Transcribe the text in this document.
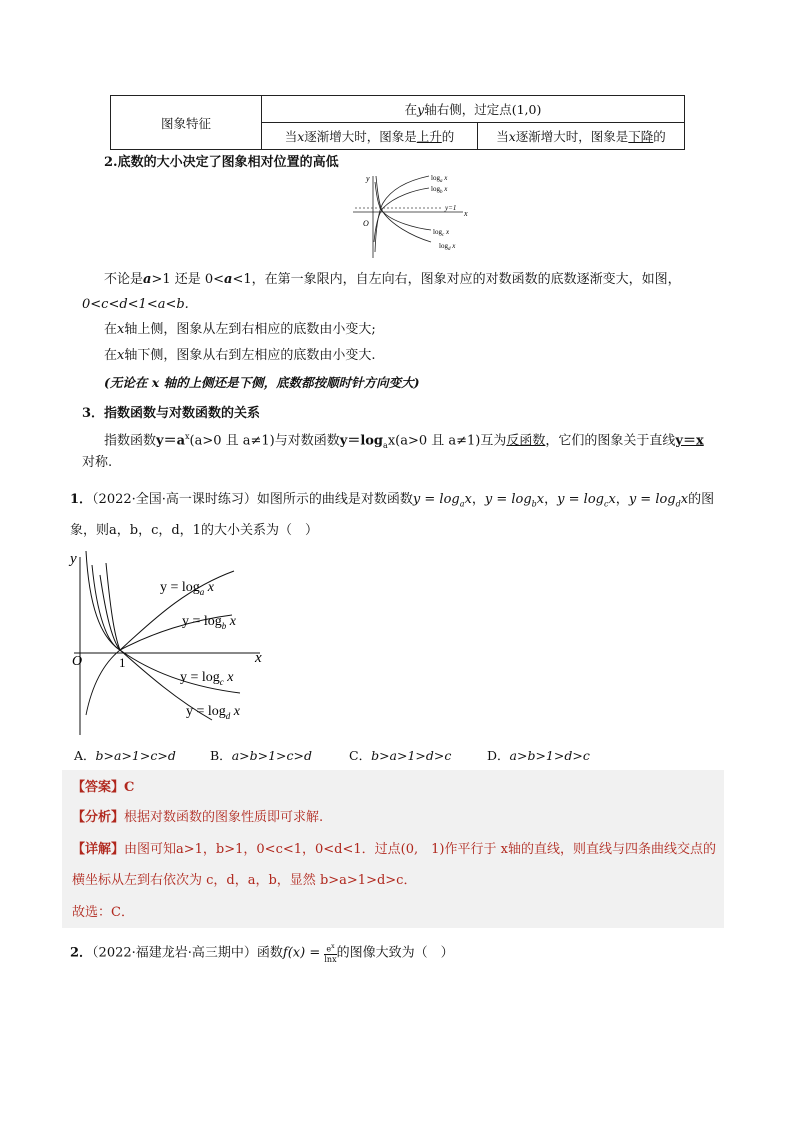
图象特征	在y轴右侧，过定点(1,0)	
	当x逐渐增大时，图象是上升的	当x逐渐增大时，图象是下降的
2.底数的大小决定了图象相对位置的高低
y
x
O
y=1
$\log_a x$
$\log_b x$
$\log_c x$
$\log_d x$
不论是a>1 还是 0<a<1，在第一象限内，自左向右，图象对应的对数函数的底数逐渐变大，如图，
0<c<d<1<a<b.
在x轴上侧，图象从左到右相应的底数由小变大;
在x轴下侧，图象从右到左相应的底数由小变大.
(无论在 x 轴的上侧还是下侧，底数都按顺时针方向变大)
3．指数函数与对数函数的关系
指数函数$y=a^x(a>0$ 且 a≠1)与对数函数$y=\log_ax(a>0$ 且 a≠1)互为反函数，它们的图象关于直线y＝x
对称.
1．（2022·全国·高一课时练习）如图所示的曲线是对数函数$y = \log_ax$，$y = \log_bx$，$y = \log_cx$，$y = \log_dx$的图
象，则a，b，c，d，1的大小关系为（　）
y
x
O	1
$y = \log_a x$
$y = \log_b x$
$y = \log_c x$
$y = \log_d x$
A．b>a>1>c>d	B．a>b>1>c>d	C．b>a>1>d>c	D．a>b>1>d>c
【答案】C
【分析】根据对数函数的图象性质即可求解.
【详解】由图可知a>1，b>1，0<c<1，0<d<1．过点(0,　1)作平行于 x轴的直线，则直线与四条曲线交点的
横坐标从左到右依次为 c，d，a，b，显然 b>a>1>d>c．
故选：C．
2．（2022·福建龙岩·高三期中）函数$f(x) = \frac{e^x}{\ln x}$ 的图像大致为（　）
